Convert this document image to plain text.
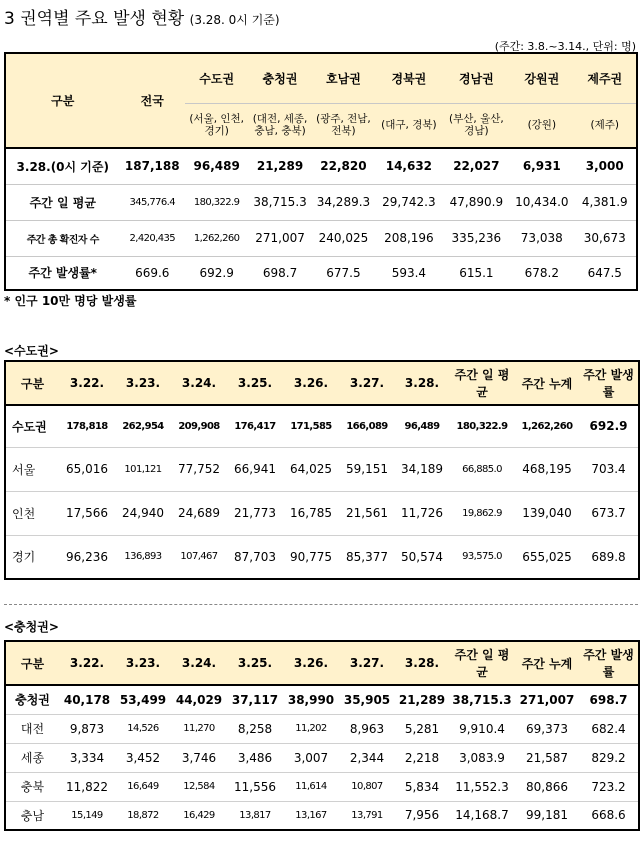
3 권역별 주요 발생 현황 (3.28. 0시 기준)
(주간: 3.8.~3.14., 단위: 명)
구분	전국	수도권	충청권	호남권	경북권	경남권	강원권	제주권
		(서울, 인천, 경기)	(대전, 세종, 충남, 충북)	(광주, 전남, 전북)	(대구, 경북)	(부산, 울산, 경남)	(강원)	(제주)
3.28.(0시 기준)	187,188	96,489	21,289	22,820	14,632	22,027	6,931	3,000
주간 일 평균	345,776.4	180,322.9	38,715.3	34,289.3	29,742.3	47,890.9	10,434.0	4,381.9
주간 총 확진자 수	2,420,435	1,262,260	271,007	240,025	208,196	335,236	73,038	30,673
주간 발생률*	669.6	692.9	698.7	677.5	593.4	615.1	678.2	647.5
* 인구 10만 명당 발생률
<수도권>
구분	3.22.	3.23.	3.24.	3.25.	3.26.	3.27.	3.28.	주간 일 평균	주간 누계	주간 발생률
수도권	178,818	262,954	209,908	176,417	171,585	166,089	96,489	180,322.9	1,262,260	692.9
서울	65,016	101,121	77,752	66,941	64,025	59,151	34,189	66,885.0	468,195	703.4
인천	17,566	24,940	24,689	21,773	16,785	21,561	11,726	19,862.9	139,040	673.7
경기	96,236	136,893	107,467	87,703	90,775	85,377	50,574	93,575.0	655,025	689.8
<충청권>
구분	3.22.	3.23.	3.24.	3.25.	3.26.	3.27.	3.28.	주간 일 평균	주간 누계	주간 발생률
충청권	40,178	53,499	44,029	37,117	38,990	35,905	21,289	38,715.3	271,007	698.7
대전	9,873	14,526	11,270	8,258	11,202	8,963	5,281	9,910.4	69,373	682.4
세종	3,334	3,452	3,746	3,486	3,007	2,344	2,218	3,083.9	21,587	829.2
충북	11,822	16,649	12,584	11,556	11,614	10,807	5,834	11,552.3	80,866	723.2
충남	15,149	18,872	16,429	13,817	13,167	13,791	7,956	14,168.7	99,181	668.6
